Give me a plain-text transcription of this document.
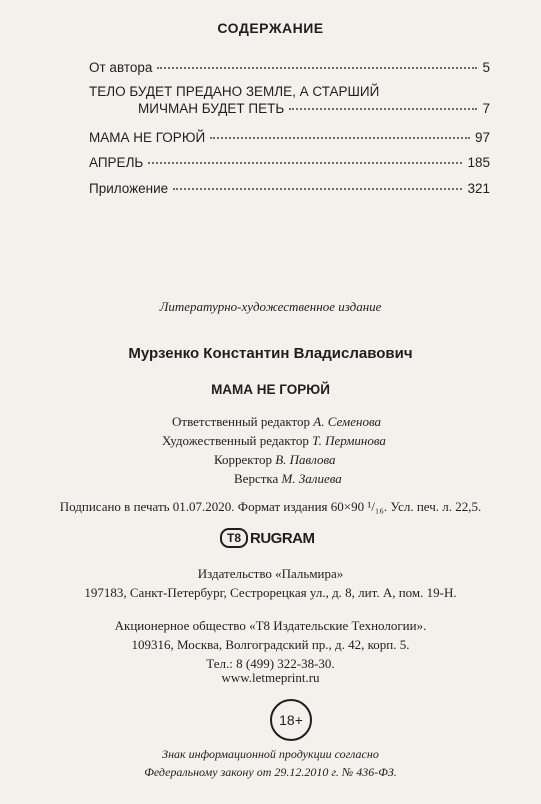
СОДЕРЖАНИЕ
От автора	5
ТЕЛО БУДЕТ ПРЕДАНО ЗЕМЛЕ, А СТАРШИЙ
МИЧМАН БУДЕТ ПЕТЬ	7
МАМА НЕ ГОРЮЙ	97
АПРЕЛЬ	185
Приложение	321
Литературно-художественное издание
Мурзенко Константин Владиславович
МАМА НЕ ГОРЮЙ
Ответственный редактор А. Семенова
Художественный редактор Т. Перминова
Корректор В. Павлова
Верстка М. Залиева
Подписано в печать 01.07.2020. Формат издания 60×90 ¹/₁₆. Усл. печ. л. 22,5.
T8 RUGRAM
Издательство «Пальмира»
197183, Санкт-Петербург, Сестрорецкая ул., д. 8, лит. А, пом. 19-Н.
Акционерное общество «Т8 Издательские Технологии».
109316, Москва, Волгоградский пр., д. 42, корп. 5.
Тел.: 8 (499) 322-38-30.
www.letmeprint.ru
18+
Знак информационной продукции согласно
Федеральному закону от 29.12.2010 г. № 436-ФЗ.
